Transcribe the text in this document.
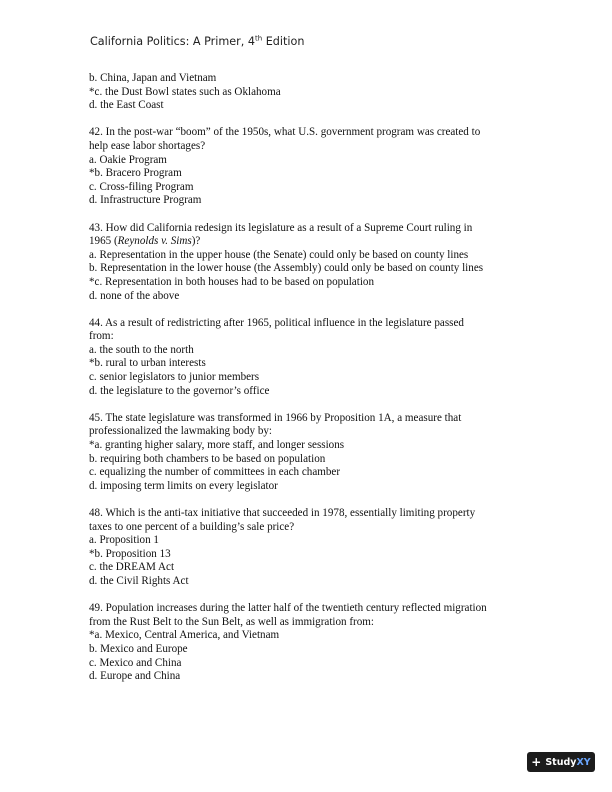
California Politics: A Primer, 4th Edition
b. China, Japan and Vietnam
*c. the Dust Bowl states such as Oklahoma
d. the East Coast
42. In the post-war “boom” of the 1950s, what U.S. government program was created to
help ease labor shortages?
a. Oakie Program
*b. Bracero Program
c. Cross-filing Program
d. Infrastructure Program
43. How did California redesign its legislature as a result of a Supreme Court ruling in
1965 (Reynolds v. Sims)?
a. Representation in the upper house (the Senate) could only be based on county lines
b. Representation in the lower house (the Assembly) could only be based on county lines
*c. Representation in both houses had to be based on population
d. none of the above
44. As a result of redistricting after 1965, political influence in the legislature passed
from:
a. the south to the north
*b. rural to urban interests
c. senior legislators to junior members
d. the legislature to the governor’s office
45. The state legislature was transformed in 1966 by Proposition 1A, a measure that
professionalized the lawmaking body by:
*a. granting higher salary, more staff, and longer sessions
b. requiring both chambers to be based on population
c. equalizing the number of committees in each chamber
d. imposing term limits on every legislator
48. Which is the anti-tax initiative that succeeded in 1978, essentially limiting property
taxes to one percent of a building’s sale price?
a. Proposition 1
*b. Proposition 13
c. the DREAM Act
d. the Civil Rights Act
49. Population increases during the latter half of the twentieth century reflected migration
from the Rust Belt to the Sun Belt, as well as immigration from:
*a. Mexico, Central America, and Vietnam
b. Mexico and Europe
c. Mexico and China
d. Europe and China
+ StudyXY
